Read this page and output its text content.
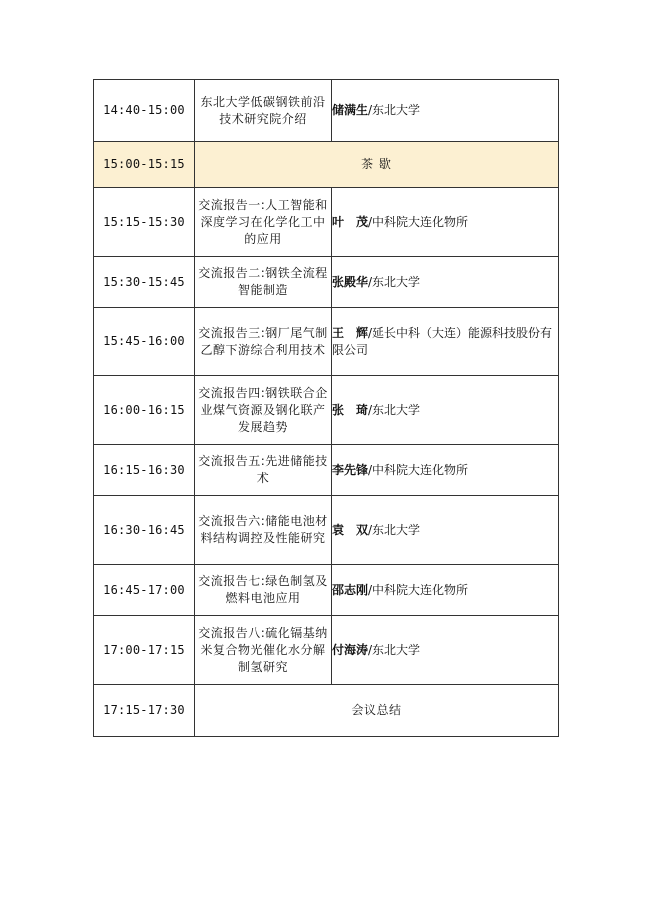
14:40-15:00	东北大学低碳钢铁前沿技术研究院介绍	储满生/东北大学
15:00-15:15	茶 歇	
15:15-15:30	交流报告一:人工智能和深度学习在化学化工中的应用	叶　茂/中科院大连化物所
15:30-15:45	交流报告二:钢铁全流程智能制造	张殿华/东北大学
15:45-16:00	交流报告三:钢厂尾气制乙醇下游综合利用技术	王　辉/延长中科（大连）能源科技股份有限公司
16:00-16:15	交流报告四:钢铁联合企业煤气资源及钢化联产发展趋势	张　琦/东北大学
16:15-16:30	交流报告五:先进储能技术	李先锋/中科院大连化物所
16:30-16:45	交流报告六:储能电池材料结构调控及性能研究	袁　双/东北大学
16:45-17:00	交流报告七:绿色制氢及燃料电池应用	邵志刚/中科院大连化物所
17:00-17:15	交流报告八:硫化镉基纳米复合物光催化水分解制氢研究	付海涛/东北大学
17:15-17:30	会议总结	
